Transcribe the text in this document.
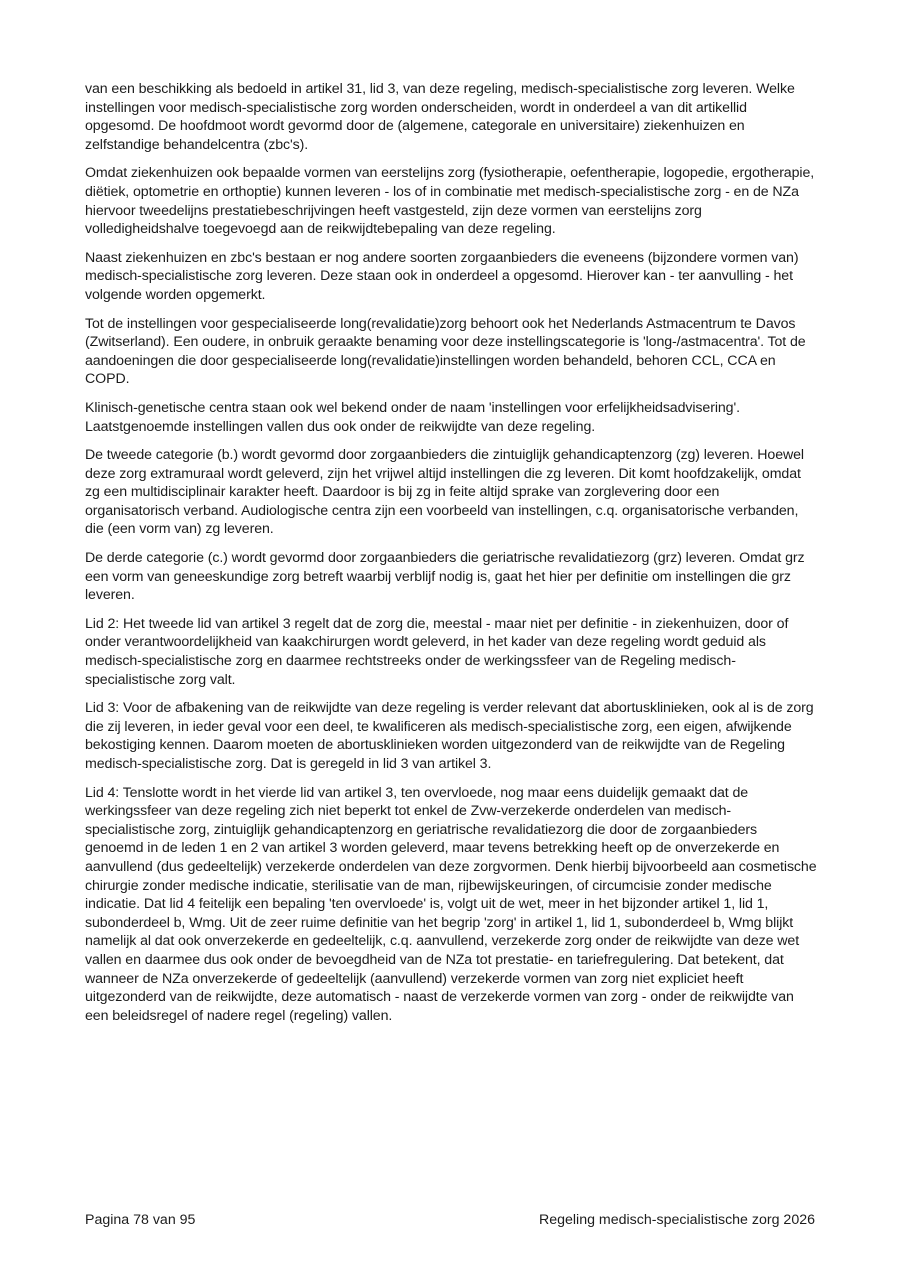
van een beschikking als bedoeld in artikel 31, lid 3, van deze regeling, medisch-specialistische zorg leveren. Welke instellingen voor medisch-specialistische zorg worden onderscheiden, wordt in onderdeel a van dit artikellid opgesomd. De hoofdmoot wordt gevormd door de (algemene, categorale en universitaire) ziekenhuizen en zelfstandige behandelcentra (zbc's).

Omdat ziekenhuizen ook bepaalde vormen van eerstelijns zorg (fysiotherapie, oefentherapie, logopedie, ergotherapie, diëtiek, optometrie en orthoptie) kunnen leveren - los of in combinatie met medisch-specialistische zorg - en de NZa hiervoor tweedelijns prestatiebeschrijvingen heeft vastgesteld, zijn deze vormen van eerstelijns zorg volledigheidshalve toegevoegd aan de reikwijdtebepaling van deze regeling.

Naast ziekenhuizen en zbc's bestaan er nog andere soorten zorgaanbieders die eveneens (bijzondere vormen van) medisch-specialistische zorg leveren. Deze staan ook in onderdeel a opgesomd. Hierover kan - ter aanvulling - het volgende worden opgemerkt.

Tot de instellingen voor gespecialiseerde long(revalidatie)zorg behoort ook het Nederlands Astmacentrum te Davos (Zwitserland). Een oudere, in onbruik geraakte benaming voor deze instellingscategorie is 'long-/astmacentra'. Tot de aandoeningen die door gespecialiseerde long(revalidatie)instellingen worden behandeld, behoren CCL, CCA en COPD.

Klinisch-genetische centra staan ook wel bekend onder de naam 'instellingen voor erfelijkheidsadvisering'. Laatstgenoemde instellingen vallen dus ook onder de reikwijdte van deze regeling.

De tweede categorie (b.) wordt gevormd door zorgaanbieders die zintuiglijk gehandicaptenzorg (zg) leveren. Hoewel deze zorg extramuraal wordt geleverd, zijn het vrijwel altijd instellingen die zg leveren. Dit komt hoofdzakelijk, omdat zg een multidisciplinair karakter heeft. Daardoor is bij zg in feite altijd sprake van zorglevering door een organisatorisch verband. Audiologische centra zijn een voorbeeld van instellingen, c.q. organisatorische verbanden, die (een vorm van) zg leveren.

De derde categorie (c.) wordt gevormd door zorgaanbieders die geriatrische revalidatiezorg (grz) leveren. Omdat grz een vorm van geneeskundige zorg betreft waarbij verblijf nodig is, gaat het hier per definitie om instellingen die grz leveren.

Lid 2: Het tweede lid van artikel 3 regelt dat de zorg die, meestal - maar niet per definitie - in ziekenhuizen, door of onder verantwoordelijkheid van kaakchirurgen wordt geleverd, in het kader van deze regeling wordt geduid als medisch-specialistische zorg en daarmee rechtstreeks onder de werkingssfeer van de Regeling medisch-specialistische zorg valt.

Lid 3: Voor de afbakening van de reikwijdte van deze regeling is verder relevant dat abortusklinieken, ook al is de zorg die zij leveren, in ieder geval voor een deel, te kwalificeren als medisch-specialistische zorg, een eigen, afwijkende bekostiging kennen. Daarom moeten de abortusklinieken worden uitgezonderd van de reikwijdte van de Regeling medisch-specialistische zorg. Dat is geregeld in lid 3 van artikel 3.

Lid 4: Tenslotte wordt in het vierde lid van artikel 3, ten overvloede, nog maar eens duidelijk gemaakt dat de werkingssfeer van deze regeling zich niet beperkt tot enkel de Zvw-verzekerde onderdelen van medisch-specialistische zorg, zintuiglijk gehandicaptenzorg en geriatrische revalidatiezorg die door de zorgaanbieders genoemd in de leden 1 en 2 van artikel 3 worden geleverd, maar tevens betrekking heeft op de onverzekerde en aanvullend (dus gedeeltelijk) verzekerde onderdelen van deze zorgvormen. Denk hierbij bijvoorbeeld aan cosmetische chirurgie zonder medische indicatie, sterilisatie van de man, rijbewijskeuringen, of circumcisie zonder medische indicatie. Dat lid 4 feitelijk een bepaling 'ten overvloede' is, volgt uit de wet, meer in het bijzonder artikel 1, lid 1, subonderdeel b, Wmg. Uit de zeer ruime definitie van het begrip 'zorg' in artikel 1, lid 1, subonderdeel b, Wmg blijkt namelijk al dat ook onverzekerde en gedeeltelijk, c.q. aanvullend, verzekerde zorg onder de reikwijdte van deze wet vallen en daarmee dus ook onder de bevoegdheid van de NZa tot prestatie- en tariefregulering. Dat betekent, dat wanneer de NZa onverzekerde of gedeeltelijk (aanvullend) verzekerde vormen van zorg niet expliciet heeft uitgezonderd van de reikwijdte, deze automatisch - naast de verzekerde vormen van zorg - onder de reikwijdte van een beleidsregel of nadere regel (regeling) vallen.

Pagina 78 van 95	Regeling medisch-specialistische zorg 2026
